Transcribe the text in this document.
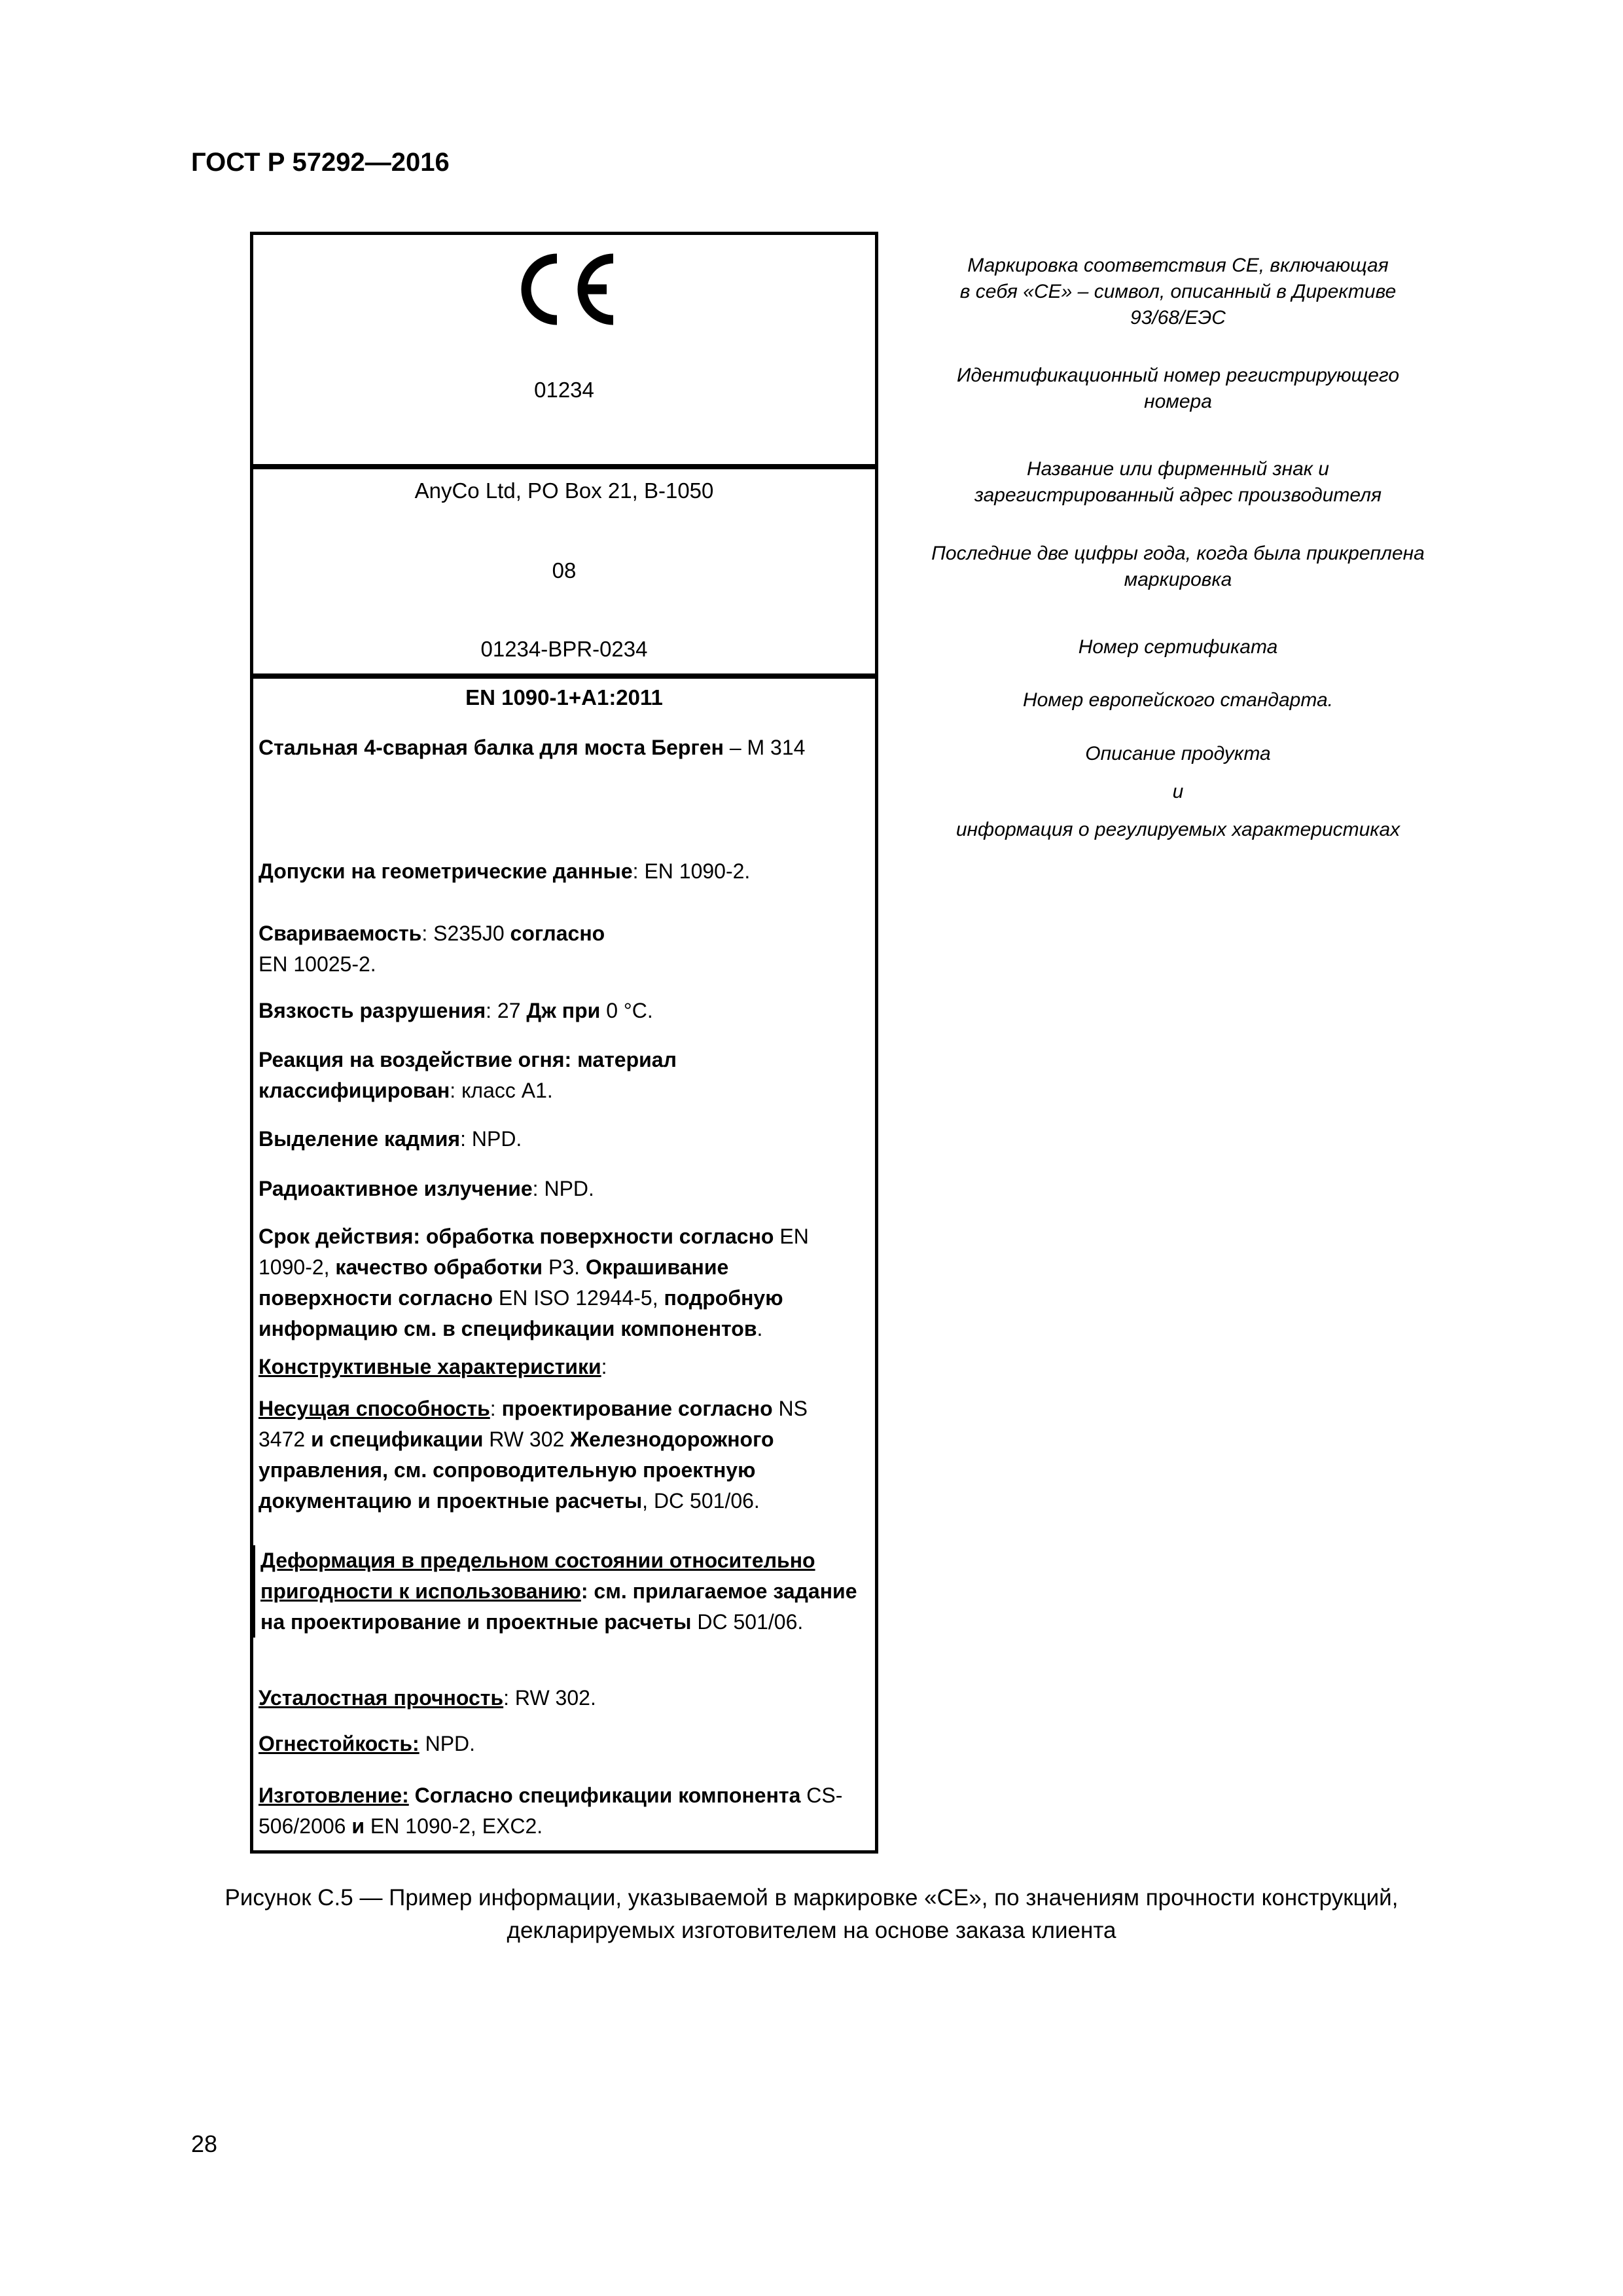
ГОСТ Р 57292—2016
01234
AnyCo Ltd, PO Box 21, B-1050
08
01234-BPR-0234
EN 1090-1+A1:2011
Стальная 4-сварная балка для моста Берген – M 314
Допуски на геометрические данные: EN 1090-2.
Свариваемость: S235J0 согласно
EN 10025-2.
Вязкость разрушения: 27 Дж при 0 °C.
Реакция на воздействие огня: материал
классифицирован: класс А1.
Выделение кадмия: NPD.
Радиоактивное излучение: NPD.
Срок действия: обработка поверхности согласно EN
1090-2, качество обработки P3. Окрашивание
поверхности согласно EN ISO 12944-5, подробную
информацию см. в спецификации компонентов.
Конструктивные характеристики:
Несущая способность: проектирование согласно NS
3472 и спецификации RW 302 Железнодорожного
управления, см. сопроводительную проектную
документацию и проектные расчеты, DC 501/06.
Деформация в предельном состоянии относительно
пригодности к использованию: см. прилагаемое задание
на проектирование и проектные расчеты DC 501/06.
Усталостная прочность: RW 302.
Огнестойкость: NPD.
Изготовление: Согласно спецификации компонента CS-
506/2006 и EN 1090-2, EXC2.
Маркировка соответствия СЕ, включающая
в себя «СЕ» – символ, описанный в Директиве
93/68/ЕЭС
Идентификационный номер регистрирующего
номера
Название или фирменный знак и
зарегистрированный адрес производителя
Последние две цифры года, когда была прикреплена
маркировка
Номер сертификата
Номер европейского стандарта.
Описание продукта
и
информация о регулируемых характеристиках
Рисунок С.5 — Пример информации, указываемой в маркировке «СЕ», по значениям прочности конструкций,
декларируемых изготовителем на основе заказа клиента
28
